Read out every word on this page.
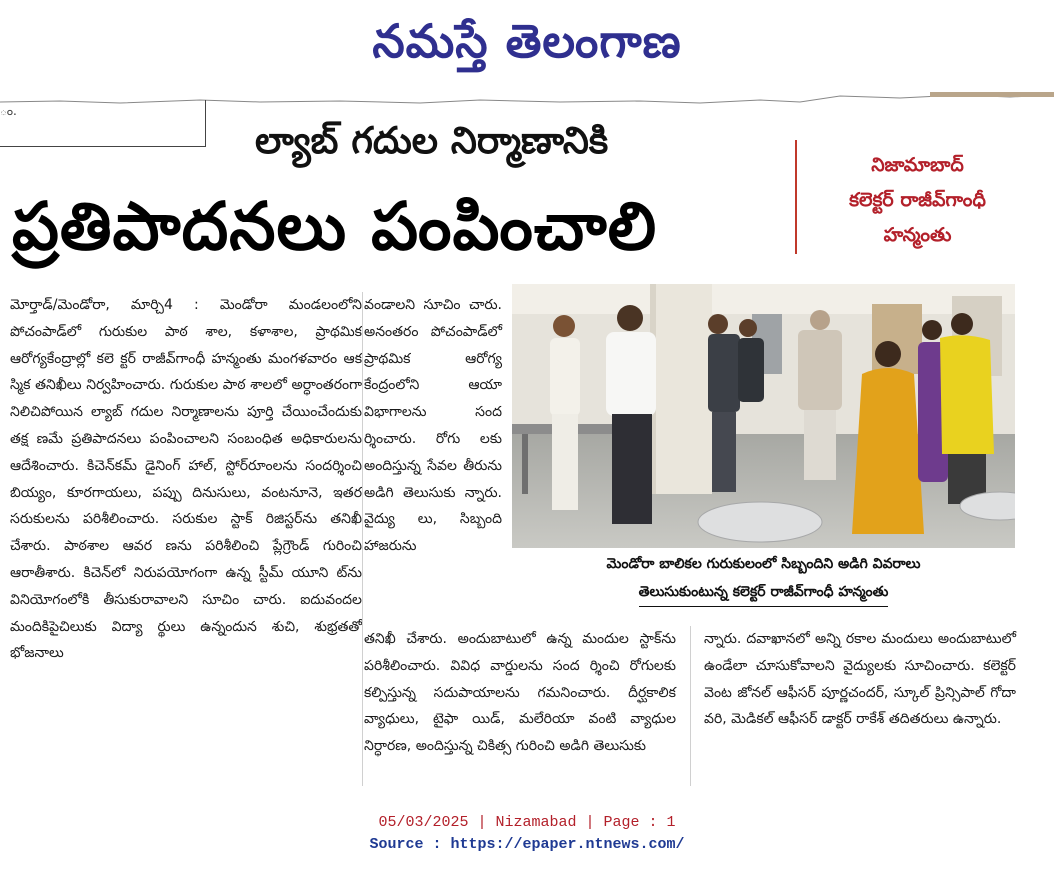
నమస్తే తెలంగాణ
ం.
ల్యాబ్ గదుల నిర్మాణానికి
ప్రతిపాదనలు పంపించాలి
నిజామాబాద్
కలెక్టర్ రాజీవ్‌గాంధీ
హన్మంతు
మెండోరా బాలికల గురుకులంలో సిబ్బందిని అడిగి వివరాలు
తెలుసుకుంటున్న కలెక్టర్ రాజీవ్‌గాంధీ హన్మంతు
మోర్తాడ్/మెండోరా, మార్చి4 : మెండోరా మండలంలోని పోచంపాడ్‌లో గురుకుల పాఠ శాల, కళాశాల, ప్రాథమిక ఆరోగ్యకేంద్రాల్లో కలె క్టర్ రాజీవ్‌గాంధీ హన్మంతు మంగళవారం ఆక స్మిక తనిఖీలు నిర్వహించారు. గురుకుల పాఠ శాలలో అర్ధాంతరంగా నిలిచిపోయిన ల్యాబ్ గదుల నిర్మాణాలను పూర్తి చేయించేందుకు తక్ష ణమే ప్రతిపాదనలు పంపించాలని సంబంధిత అధికారులను ఆదేశించారు. కిచెన్‌కమ్ డైనింగ్ హాల్, స్టోర్‌రూంలను సందర్శించి బియ్యం, కూరగాయలు, పప్పు దినుసులు, వంటనూనె, ఇతర సరుకులను పరిశీలించారు. సరుకుల స్టాక్ రిజిస్టర్‌ను తనిఖీ చేశారు. పాఠశాల ఆవర ణను పరిశీలించి ప్లేగ్రౌండ్ గురించి ఆరాతీశారు. కిచెన్‌లో నిరుపయోగంగా ఉన్న స్టీమ్ యూని ట్‌ను వినియోగంలోకి తీసుకురావాలని సూచిం చారు. ఐదువందల మందికిపైచిలుకు విద్యా ర్థులు ఉన్నందున శుచి, శుభ్రతతో భోజనాలు
వండాలని సూచిం చారు. అనంతరం పోచంపాడ్‌లో ప్రాథమిక ఆరోగ్య కేంద్రంలోని ఆయా విభాగాలను సంద ర్శించారు. రోగు లకు అందిస్తున్న సేవల తీరును అడిగి తెలుసుకు న్నారు. వైద్యు లు, సిబ్బంది హాజరును
తనిఖీ చేశారు. అందుబాటులో ఉన్న మందుల స్టాక్‌ను పరిశీలించారు. వివిధ వార్డులను సంద ర్శించి రోగులకు కల్పిస్తున్న సదుపాయాలను గమనించారు. దీర్ఘకాలిక వ్యాధులు, టైఫా యిడ్, మలేరియా వంటి వ్యాధుల నిర్ధారణ, అందిస్తున్న చికిత్స గురించి అడిగి తెలుసుకు
న్నారు. దవాఖానలో అన్ని రకాల మందులు అందుబాటులో ఉండేలా చూసుకోవాలని వైద్యులకు సూచించారు. కలెక్టర్ వెంట జోనల్ ఆఫీసర్ పూర్ణచందర్, స్కూల్ ప్రిన్సిపాల్ గోదా వరి, మెడికల్ ఆఫీసర్ డాక్టర్ రాకేశ్ తదితరులు ఉన్నారు.
05/03/2025 | Nizamabad | Page : 1
Source : https://epaper.ntnews.com/
